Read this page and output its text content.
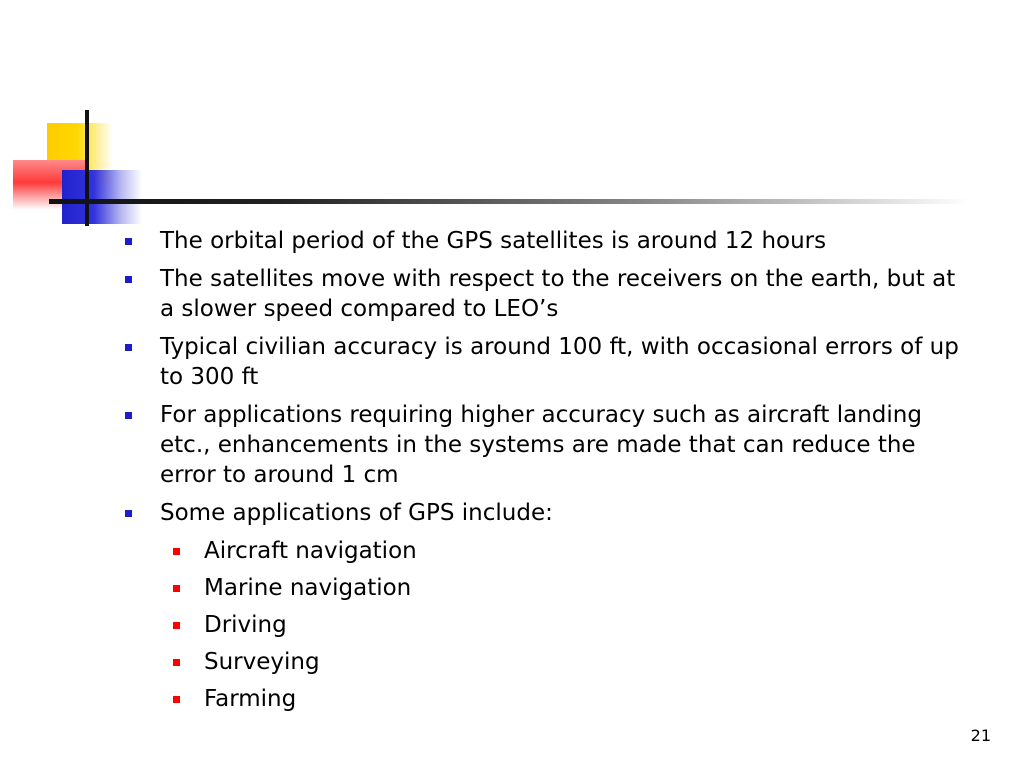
The orbital period of the GPS satellites is around 12 hours
The satellites move with respect to the receivers on the earth, but at a slower speed compared to LEO’s
Typical civilian accuracy is around 100 ft, with occasional errors of up to 300 ft
For applications requiring higher accuracy such as aircraft landing etc., enhancements in the systems are made that can reduce the error to around 1 cm
Some applications of GPS include:
Aircraft navigation
Marine navigation
Driving
Surveying
Farming
21
